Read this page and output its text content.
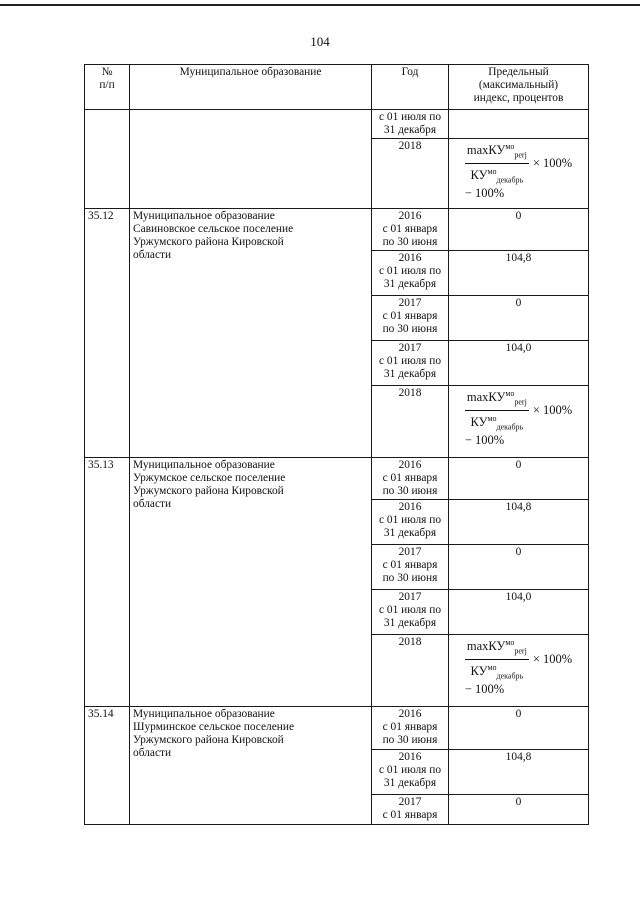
104
№
п/п	Муниципальное образование	Год	Предельный
(максимальный)
индекс, процентов
		с 01 июля по
31 декабря	
		2018	$\frac{\max КУ^{мо}_{perj}}{КУ^{мо}_{декабрь}} \times 100\%$
− 100%

35.12	Муниципальное образование
Савиновское сельское поселение
Уржумского района Кировской
области	2016
с 01 января
по 30 июня	0
		2016
с 01 июля по
31 декабря	104,8
		2017
с 01 января
по 30 июня	0
		2017
с 01 июля по
31 декабря	104,0
		2018	$\frac{\max КУ^{мо}_{perj}}{КУ^{мо}_{декабрь}} \times 100\%$
− 100%

35.13	Муниципальное образование
Уржумское сельское поселение
Уржумского района Кировской
области	2016
с 01 января
по 30 июня	0
		2016
с 01 июля по
31 декабря	104,8
		2017
с 01 января
по 30 июня	0
		2017
с 01 июля по
31 декабря	104,0
		2018	$\frac{\max КУ^{мо}_{perj}}{КУ^{мо}_{декабрь}} \times 100\%$
− 100%

35.14	Муниципальное образование
Шурминское сельское поселение
Уржумского района Кировской
области	2016
с 01 января
по 30 июня	0
		2016
с 01 июля по
31 декабря	104,8
		2017
с 01 января	0
